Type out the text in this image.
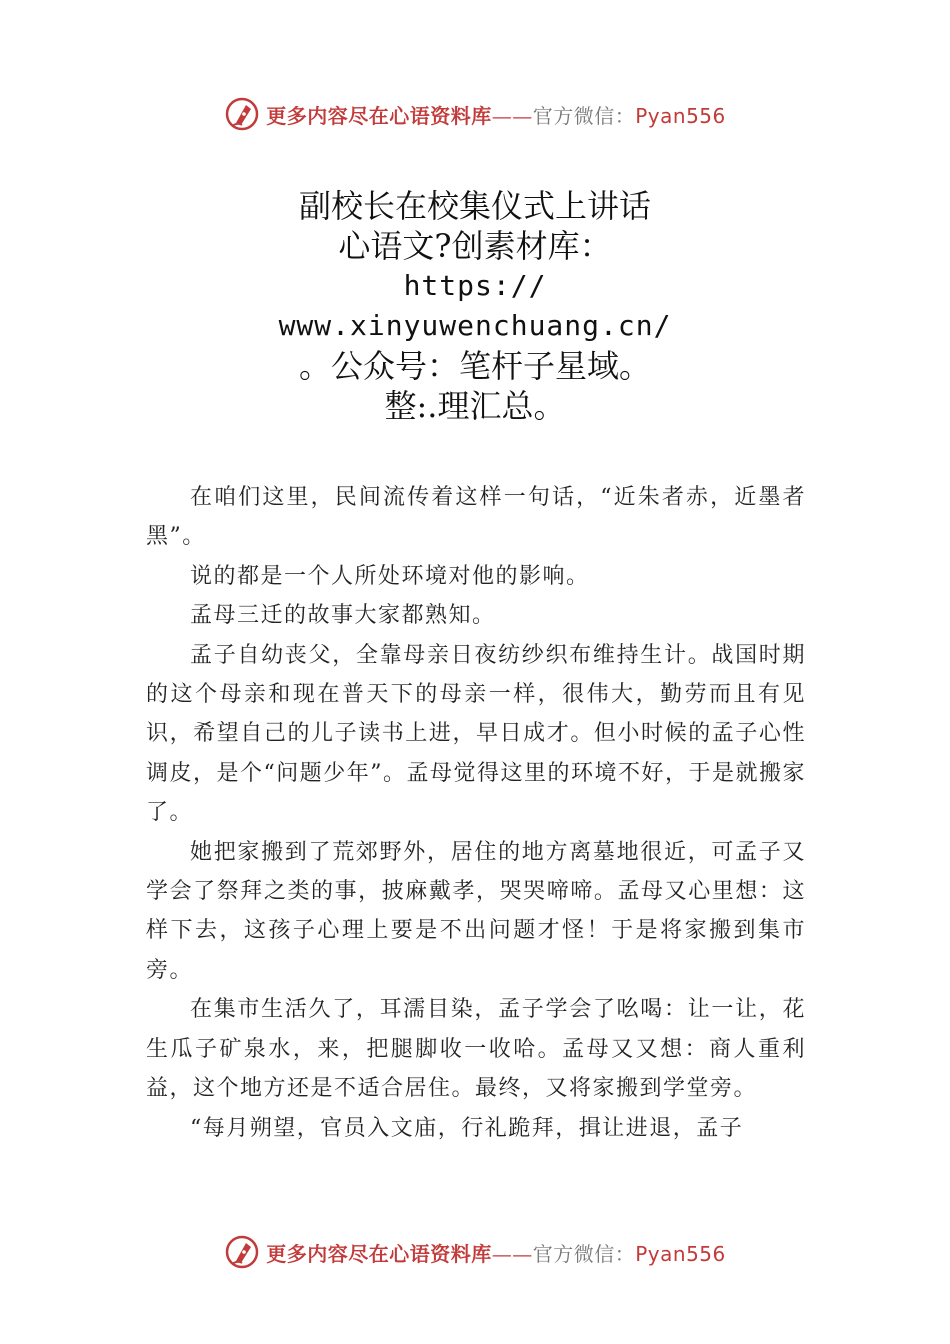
更多内容尽在心语资料库——官方微信：Pyan556
副校长在校集仪式上讲话
心语文?创素材库：
https://
www.xinyuwenchuang.cn/
。公众号：笔杆子星域。
整:.理汇总。

在咱们这里，民间流传着这样一句话，“近朱者赤，近墨者黑”。

说的都是一个人所处环境对他的影响。

孟母三迁的故事大家都熟知。

孟子自幼丧父，全靠母亲日夜纺纱织布维持生计。战国时期的这个母亲和现在普天下的母亲一样，很伟大，勤劳而且有见识，希望自己的儿子读书上进，早日成才。但小时候的孟子心性调皮，是个“问题少年”。孟母觉得这里的环境不好，于是就搬家了。

她把家搬到了荒郊野外，居住的地方离墓地很近，可孟子又学会了祭拜之类的事，披麻戴孝，哭哭啼啼。孟母又心里想：这样下去，这孩子心理上要是不出问题才怪！于是将家搬到集市旁。

在集市生活久了，耳濡目染，孟子学会了吆喝：让一让，花生瓜子矿泉水，来，把腿脚收一收哈。孟母又又想：商人重利益，这个地方还是不适合居住。最终，又将家搬到学堂旁。

“每月朔望，官员入文庙，行礼跪拜，揖让进退，孟子

更多内容尽在心语资料库——官方微信：Pyan556
